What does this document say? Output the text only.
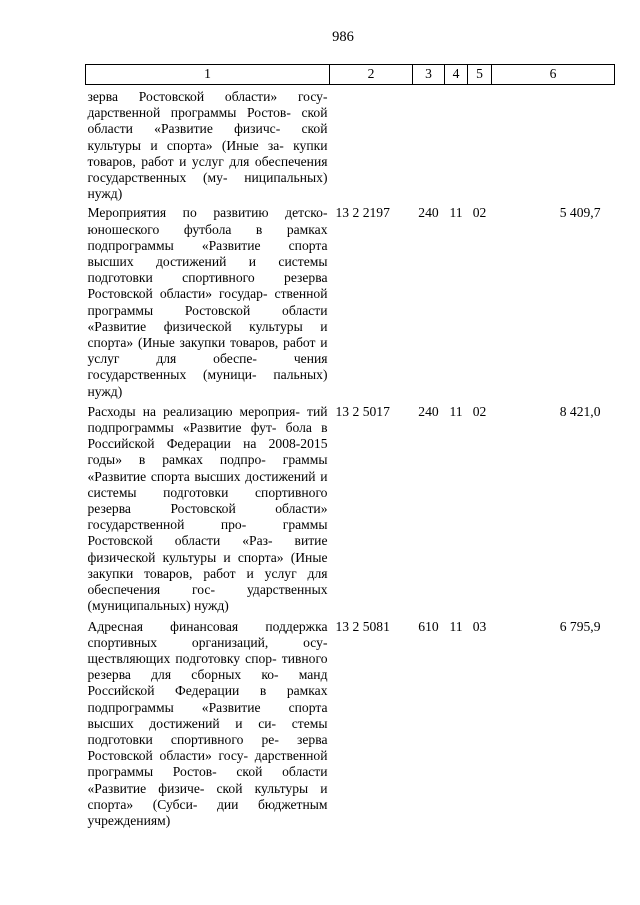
986
1	2	3	4	5	6
зерва Ростовской области» госу- дарственной программы Ростов- ской области «Развитие физичс- ской культуры и спорта» (Иные за- купки товаров, работ и услуг для обеспечения государственных (му- ниципальных) нужд)					
Мероприятия по развитию детско- юношеского футбола в рамках подпрограммы «Развитие спорта высших достижений и системы подготовки спортивного резерва Ростовской области» государ- ственной программы Ростовской области «Развитие физической культуры и спорта» (Иные закупки товаров, работ и услуг для обеспе- чения государственных (муници- пальных) нужд)	13 2 2197	240	11	02	5 409,7
Расходы на реализацию мероприя- тий подпрограммы «Развитие фут- бола в Российской Федерации на 2008-2015 годы» в рамках подпро- граммы «Развитие спорта высших достижений и системы подготовки спортивного резерва Ростовской области» государственной про- граммы Ростовской области «Раз- витие физической культуры и спорта» (Иные закупки товаров, работ и услуг для обеспечения гос- ударственных (муниципальных) нужд)	13 2 5017	240	11	02	8 421,0
Адресная финансовая поддержка спортивных организаций, осу- ществляющих подготовку спор- тивного резерва для сборных ко- манд Российской Федерации в рамках подпрограммы «Развитие спорта высших достижений и си- стемы подготовки спортивного ре- зерва Ростовской области» госу- дарственной программы Ростов- ской области «Развитие физиче- ской культуры и спорта» (Субси- дии бюджетным учреждениям)	13 2 5081	610	11	03	6 795,9
